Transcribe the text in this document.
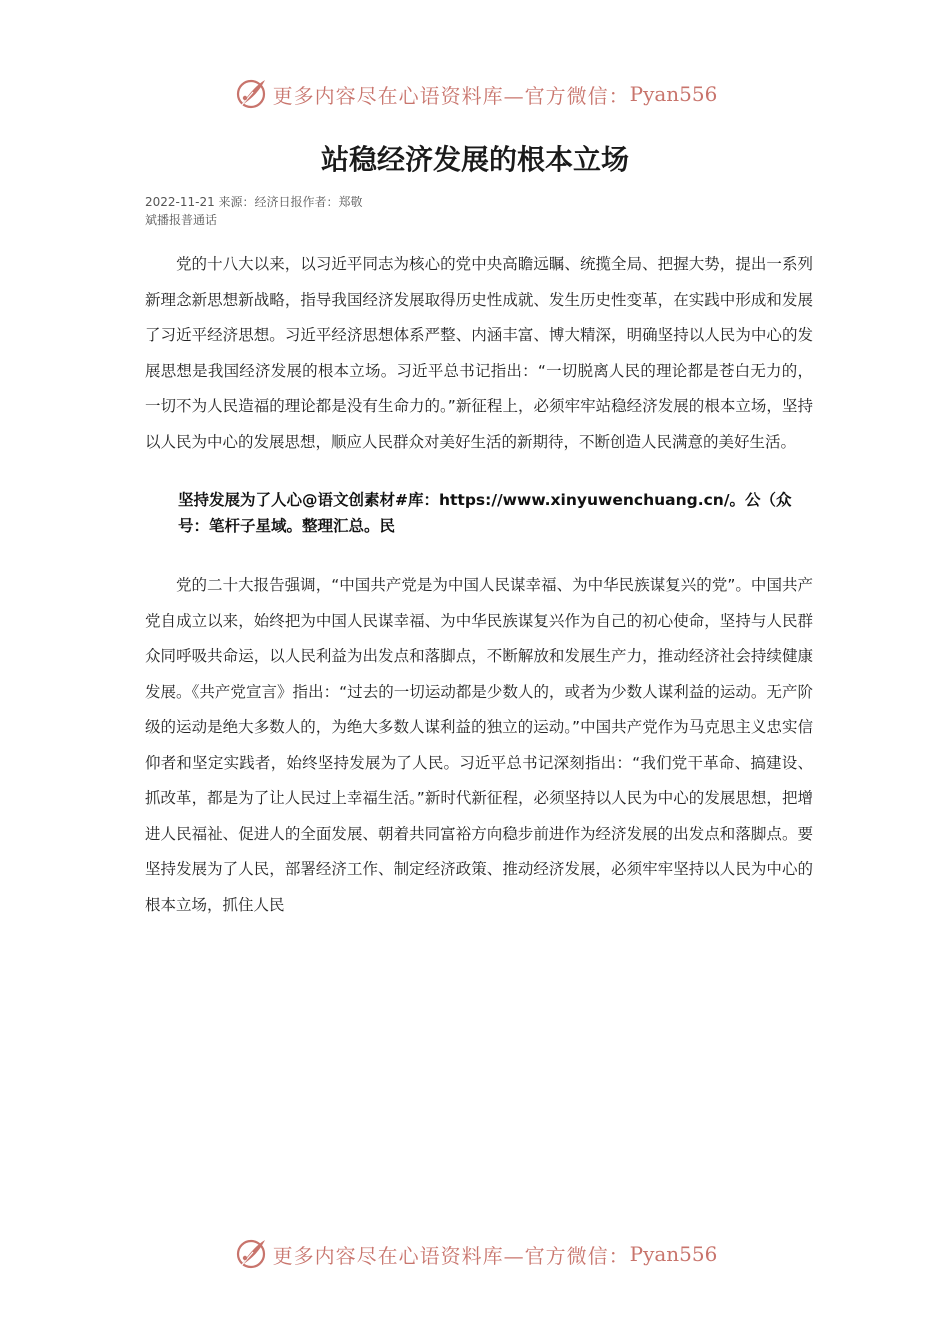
更多内容尽在心语资料库—官方微信： Pyan556
站稳经济发展的根本立场
2022-11-21 来源：经济日报作者：郑敬
斌播报普通话

党的十八大以来，以习近平同志为核心的党中央高瞻远瞩、统揽全局、把握大势，提出一系列新理念新思想新战略，指导我国经济发展取得历史性成就、发生历史性变革，在实践中形成和发展了习近平经济思想。习近平经济思想体系严整、内涵丰富、博大精深，明确坚持以人民为中心的发展思想是我国经济发展的根本立场。习近平总书记指出：“一切脱离人民的理论都是苍白无力的，一切不为人民造福的理论都是没有生命力的。”新征程上，必须牢牢站稳经济发展的根本立场，坚持以人民为中心的发展思想，顺应人民群众对美好生活的新期待，不断创造人民满意的美好生活。

坚持发展为了人心@语文创素材#库：https://www.xinyuwenchuang.cn/。公（众号：笔杆子星域。整理汇总。民

党的二十大报告强调，“中国共产党是为中国人民谋幸福、为中华民族谋复兴的党”。中国共产党自成立以来，始终把为中国人民谋幸福、为中华民族谋复兴作为自己的初心使命，坚持与人民群众同呼吸共命运，以人民利益为出发点和落脚点，不断解放和发展生产力，推动经济社会持续健康发展。《共产党宣言》指出：“过去的一切运动都是少数人的，或者为少数人谋利益的运动。无产阶级的运动是绝大多数人的，为绝大多数人谋利益的独立的运动。”中国共产党作为马克思主义忠实信仰者和坚定实践者，始终坚持发展为了人民。习近平总书记深刻指出：“我们党干革命、搞建设、抓改革，都是为了让人民过上幸福生活。”新时代新征程，必须坚持以人民为中心的发展思想，把增进人民福祉、促进人的全面发展、朝着共同富裕方向稳步前进作为经济发展的出发点和落脚点。要坚持发展为了人民，部署经济工作、制定经济政策、推动经济发展，必须牢牢坚持以人民为中心的根本立场，抓住人民

更多内容尽在心语资料库—官方微信： Pyan556
